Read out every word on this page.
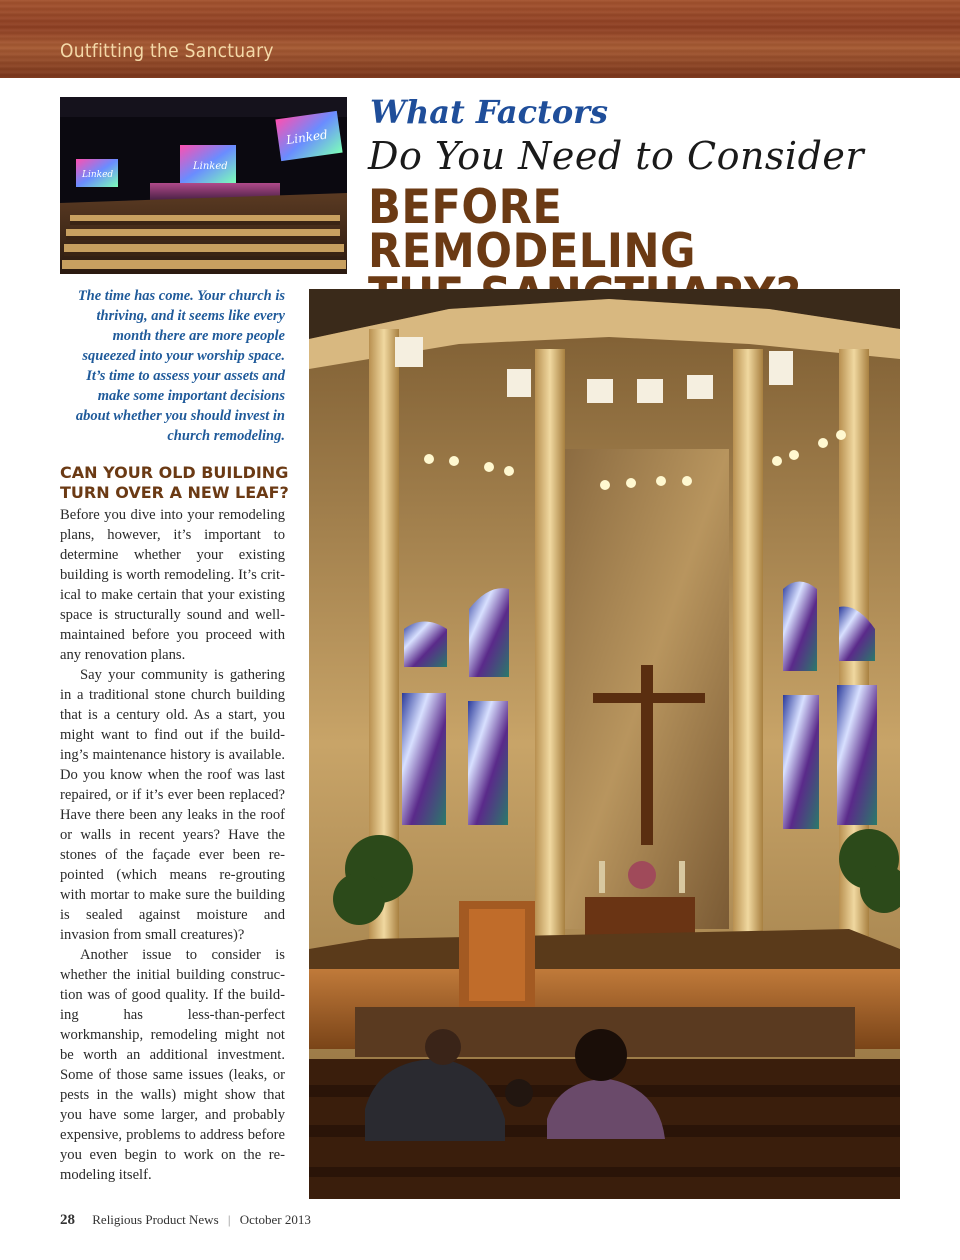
Outfitting the Sanctuary
Linked
Linked
Linked
What Factors
Do You Need to Consider
BEFORE REMODELING
The time has come. Your church is thriving, and it seems like every month there are more people squeezed into your worship space. It’s time to assess your assets and make some important decisions about whether you should invest in church remodeling.
CAN YOUR OLD BUILDING TURN OVER A NEW LEAF?

Before you dive into your remodeling plans, however, it’s important to determine whether your existing building is worth remodeling. It’s critical to make certain that your existing space is structurally sound and well-maintained before you proceed with any renovation plans.

Say your community is gathering in a traditional stone church building that is a century old. As a start, you might want to find out if the building’s maintenance history is available. Do you know when the roof was last repaired, or if it’s ever been replaced? Have there been any leaks in the roof or walls in recent years? Have the stones of the façade ever been repointed (which means re-grouting with mortar to make sure the building is sealed against moisture and invasion from small creatures)?

Another issue to consider is whether the initial building construction was of good quality. If the building has less-than-perfect workmanship, remodeling might not be worth an additional investment. Some of those same issues (leaks, or pests in the walls) might show that you have some larger, and probably expensive, problems to address before you even begin to work on the remodeling itself.

28 Religious Product News | October 2013
